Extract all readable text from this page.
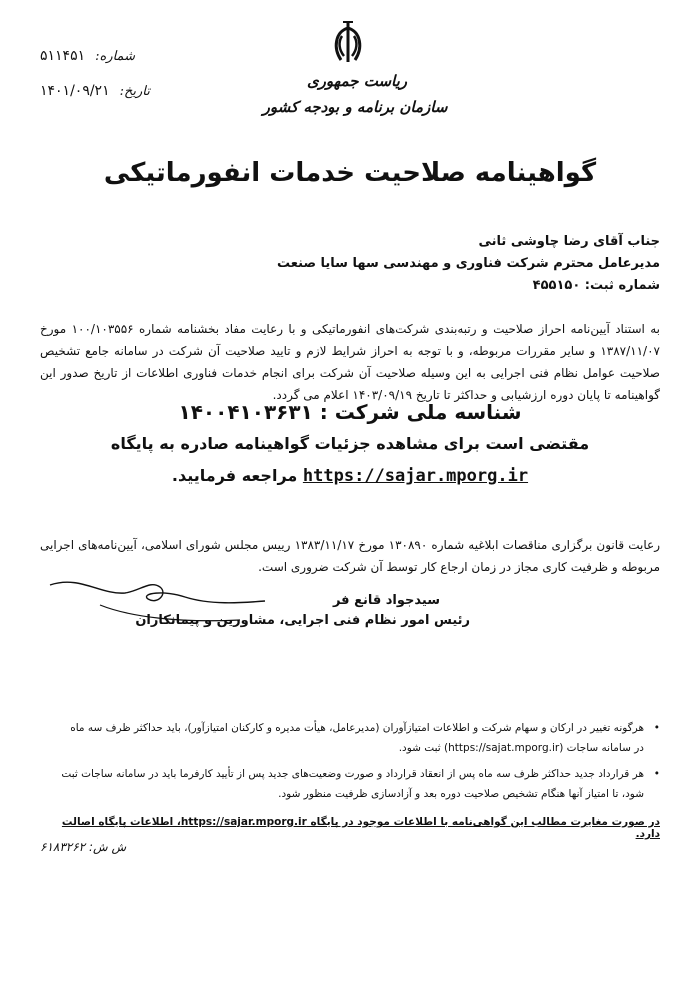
۵۱۱۴۵۱ شماره:
۱۴۰۱/۰۹/۲۱ تاریخ:
ریاست جمهوری
سازمان برنامه و بودجه کشور
گواهینامه صلاحیت خدمات انفورماتیکی
جناب آقای رضا چاوشی ثانی
مدیرعامل محترم شرکت فناوری و مهندسی سها سایا صنعت
شماره ثبت: ۴۵۵۱۵۰
به استناد آیین‌نامه احراز صلاحیت و رتبه‌بندی شرکت‌های انفورماتیکی و با رعایت مفاد بخشنامه شماره ۱۰۰/۱۰۳۵۵۶ مورخ ۱۳۸۷/۱۱/۰۷ و سایر مقررات مربوطه، و با توجه به احراز شرایط لازم و تایید صلاحیت آن شرکت در سامانه جامع تشخیص صلاحیت عوامل نظام فنی اجرایی به این وسیله صلاحیت آن شرکت برای انجام خدمات فناوری اطلاعات از تاریخ صدور این گواهینامه تا پایان دوره ارزشیابی و حداکثر تا تاریخ ۱۴۰۳/۰۹/۱۹ اعلام می گردد.
شناسه ملی شرکت : ۱۴۰۰۴۱۰۳۶۳۱
مقتضی است برای مشاهده جزئیات گواهینامه صادره به پایگاه
https://sajar.mporg.ir مراجعه فرمایید.
رعایت قانون برگزاری مناقصات ابلاغیه شماره ۱۳۰۸۹۰ مورخ ۱۳۸۳/۱۱/۱۷ رییس مجلس شورای اسلامی، آیین‌نامه‌های اجرایی مربوطه و ظرفیت کاری مجاز در زمان ارجاع کار توسط آن شرکت ضروری است.
سیدجواد قانع فر
رئیس امور نظام فنی اجرایی، مشاورین و پیمانکاران
•
هرگونه تغییر در ارکان و سهام شرکت و اطلاعات امتیازآوران (مدیرعامل، هیأت مدیره و کارکنان امتیازآور)، باید حداکثر ظرف سه ماه در سامانه ساجات (https://sajat.mporg.ir) ثبت شود.
•
هر قرارداد جدید حداکثر ظرف سه ماه پس از انعقاد قرارداد و صورت وضعیت‌های جدید پس از تأیید کارفرما باید در سامانه ساجات ثبت شود، تا امتیاز آنها هنگام تشخیص صلاحیت دوره بعد و آزادسازی ظرفیت منظور شود.
در صورت مغایرت مطالب این گواهی‌نامه با اطلاعات موجود در پایگاه https://sajar.mporg.ir، اطلاعات پایگاه اصالت دارد.
ش ش: ۶۱۸۳۲۶۲
